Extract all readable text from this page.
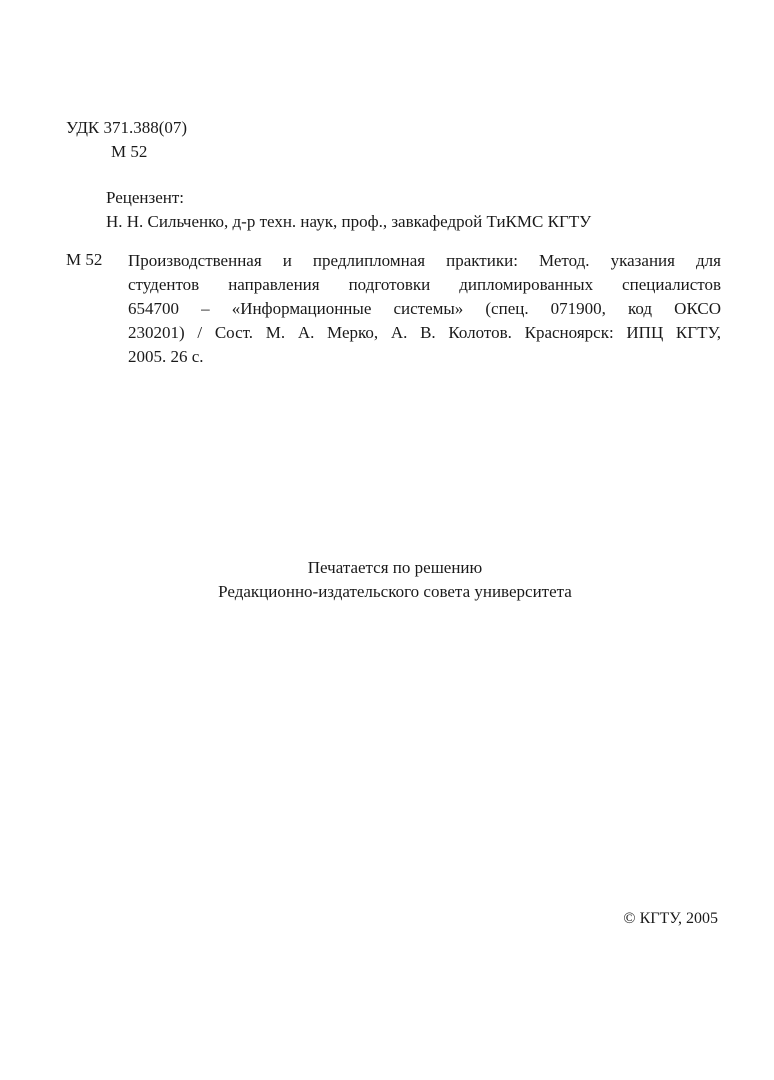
УДК 371.388(07)
М 52
Рецензент:
Н. Н. Сильченко, д-р техн. наук, проф., завкафедрой ТиКМС КГТУ
М 52 Производственная и предлипломная практики: Метод. указания для
студентов направления подготовки дипломированных специалистов
654700 – «Информационные системы» (спец. 071900, код ОКСО
230201) / Сост. М. А. Мерко, А. В. Колотов. Красноярск: ИПЦ КГТУ,
2005. 26 с.
Печатается по решению
Редакционно-издательского совета университета
© КГТУ, 2005
